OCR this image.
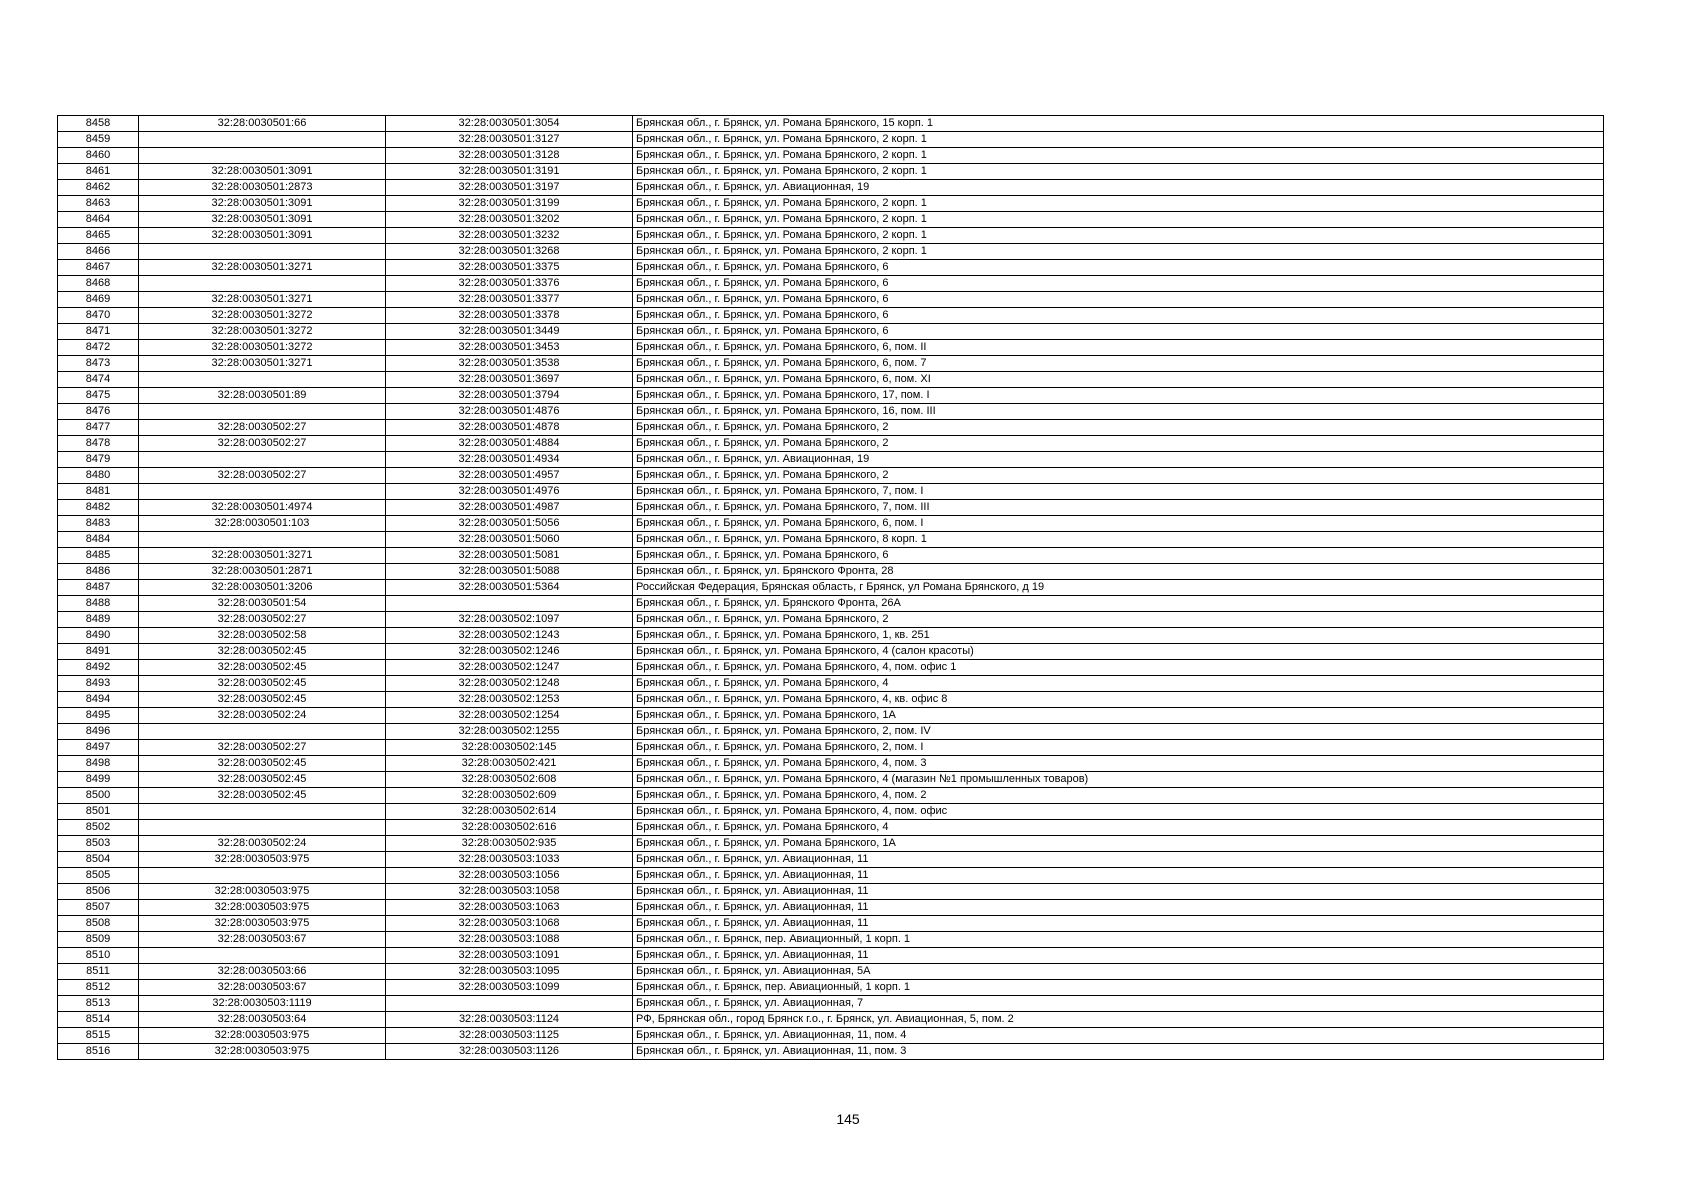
8458	32:28:0030501:66	32:28:0030501:3054	Брянская обл., г. Брянск, ул. Романа Брянского, 15 корп. 1
8459		32:28:0030501:3127	Брянская обл., г. Брянск, ул. Романа Брянского, 2 корп. 1
8460		32:28:0030501:3128	Брянская обл., г. Брянск, ул. Романа Брянского, 2 корп. 1
8461	32:28:0030501:3091	32:28:0030501:3191	Брянская обл., г. Брянск, ул. Романа Брянского, 2 корп. 1
8462	32:28:0030501:2873	32:28:0030501:3197	Брянская обл., г. Брянск, ул. Авиационная, 19
8463	32:28:0030501:3091	32:28:0030501:3199	Брянская обл., г. Брянск, ул. Романа Брянского, 2 корп. 1
8464	32:28:0030501:3091	32:28:0030501:3202	Брянская обл., г. Брянск, ул. Романа Брянского, 2 корп. 1
8465	32:28:0030501:3091	32:28:0030501:3232	Брянская обл., г. Брянск, ул. Романа Брянского, 2 корп. 1
8466		32:28:0030501:3268	Брянская обл., г. Брянск, ул. Романа Брянского, 2 корп. 1
8467	32:28:0030501:3271	32:28:0030501:3375	Брянская обл., г. Брянск, ул. Романа Брянского, 6
8468		32:28:0030501:3376	Брянская обл., г. Брянск, ул. Романа Брянского, 6
8469	32:28:0030501:3271	32:28:0030501:3377	Брянская обл., г. Брянск, ул. Романа Брянского, 6
8470	32:28:0030501:3272	32:28:0030501:3378	Брянская обл., г. Брянск, ул. Романа Брянского, 6
8471	32:28:0030501:3272	32:28:0030501:3449	Брянская обл., г. Брянск, ул. Романа Брянского, 6
8472	32:28:0030501:3272	32:28:0030501:3453	Брянская обл., г. Брянск, ул. Романа Брянского, 6, пом. II
8473	32:28:0030501:3271	32:28:0030501:3538	Брянская обл., г. Брянск, ул. Романа Брянского, 6, пом. 7
8474		32:28:0030501:3697	Брянская обл., г. Брянск, ул. Романа Брянского, 6, пом. XI
8475	32:28:0030501:89	32:28:0030501:3794	Брянская обл., г. Брянск, ул. Романа Брянского, 17, пом. I
8476		32:28:0030501:4876	Брянская обл., г. Брянск, ул. Романа Брянского, 16, пом. III
8477	32:28:0030502:27	32:28:0030501:4878	Брянская обл., г. Брянск, ул. Романа Брянского, 2
8478	32:28:0030502:27	32:28:0030501:4884	Брянская обл., г. Брянск, ул. Романа Брянского, 2
8479		32:28:0030501:4934	Брянская обл., г. Брянск, ул. Авиационная, 19
8480	32:28:0030502:27	32:28:0030501:4957	Брянская обл., г. Брянск, ул. Романа Брянского, 2
8481		32:28:0030501:4976	Брянская обл., г. Брянск, ул. Романа Брянского, 7, пом. I
8482	32:28:0030501:4974	32:28:0030501:4987	Брянская обл., г. Брянск, ул. Романа Брянского, 7, пом. III
8483	32:28:0030501:103	32:28:0030501:5056	Брянская обл., г. Брянск, ул. Романа Брянского, 6, пом. I
8484		32:28:0030501:5060	Брянская обл., г. Брянск, ул. Романа Брянского, 8 корп. 1
8485	32:28:0030501:3271	32:28:0030501:5081	Брянская обл., г. Брянск, ул. Романа Брянского, 6
8486	32:28:0030501:2871	32:28:0030501:5088	Брянская обл., г. Брянск, ул. Брянского Фронта, 28
8487	32:28:0030501:3206	32:28:0030501:5364	Российская Федерация, Брянская область, г Брянск, ул Романа Брянского, д 19
8488	32:28:0030501:54		Брянская обл., г. Брянск, ул. Брянского Фронта, 26А
8489	32:28:0030502:27	32:28:0030502:1097	Брянская обл., г. Брянск, ул. Романа Брянского, 2
8490	32:28:0030502:58	32:28:0030502:1243	Брянская обл., г. Брянск, ул. Романа Брянского, 1, кв. 251
8491	32:28:0030502:45	32:28:0030502:1246	Брянская обл., г. Брянск, ул. Романа Брянского, 4 (салон красоты)
8492	32:28:0030502:45	32:28:0030502:1247	Брянская обл., г. Брянск, ул. Романа Брянского, 4, пом. офис 1
8493	32:28:0030502:45	32:28:0030502:1248	Брянская обл., г. Брянск, ул. Романа Брянского, 4
8494	32:28:0030502:45	32:28:0030502:1253	Брянская обл., г. Брянск, ул. Романа Брянского, 4, кв. офис 8
8495	32:28:0030502:24	32:28:0030502:1254	Брянская обл., г. Брянск, ул. Романа Брянского, 1А
8496		32:28:0030502:1255	Брянская обл., г. Брянск, ул. Романа Брянского, 2, пом. IV
8497	32:28:0030502:27	32:28:0030502:145	Брянская обл., г. Брянск, ул. Романа Брянского, 2, пом. I
8498	32:28:0030502:45	32:28:0030502:421	Брянская обл., г. Брянск, ул. Романа Брянского, 4, пом. 3
8499	32:28:0030502:45	32:28:0030502:608	Брянская обл., г. Брянск, ул. Романа Брянского, 4 (магазин №1 промышленных товаров)
8500	32:28:0030502:45	32:28:0030502:609	Брянская обл., г. Брянск, ул. Романа Брянского, 4, пом. 2
8501		32:28:0030502:614	Брянская обл., г. Брянск, ул. Романа Брянского, 4, пом. офис
8502		32:28:0030502:616	Брянская обл., г. Брянск, ул. Романа Брянского, 4
8503	32:28:0030502:24	32:28:0030502:935	Брянская обл., г. Брянск, ул. Романа Брянского, 1А
8504	32:28:0030503:975	32:28:0030503:1033	Брянская обл., г. Брянск, ул. Авиационная, 11
8505		32:28:0030503:1056	Брянская обл., г. Брянск, ул. Авиационная, 11
8506	32:28:0030503:975	32:28:0030503:1058	Брянская обл., г. Брянск, ул. Авиационная, 11
8507	32:28:0030503:975	32:28:0030503:1063	Брянская обл., г. Брянск, ул. Авиационная, 11
8508	32:28:0030503:975	32:28:0030503:1068	Брянская обл., г. Брянск, ул. Авиационная, 11
8509	32:28:0030503:67	32:28:0030503:1088	Брянская обл., г. Брянск, пер. Авиационный, 1 корп. 1
8510		32:28:0030503:1091	Брянская обл., г. Брянск, ул. Авиационная, 11
8511	32:28:0030503:66	32:28:0030503:1095	Брянская обл., г. Брянск, ул. Авиационная, 5А
8512	32:28:0030503:67	32:28:0030503:1099	Брянская обл., г. Брянск, пер. Авиационный, 1 корп. 1
8513	32:28:0030503:1119		Брянская обл., г. Брянск, ул. Авиационная, 7
8514	32:28:0030503:64	32:28:0030503:1124	РФ, Брянская обл., город Брянск г.о., г. Брянск, ул. Авиационная, 5, пом. 2
8515	32:28:0030503:975	32:28:0030503:1125	Брянская обл., г. Брянск, ул. Авиационная, 11, пом. 4
8516	32:28:0030503:975	32:28:0030503:1126	Брянская обл., г. Брянск, ул. Авиационная, 11, пом. 3
145
